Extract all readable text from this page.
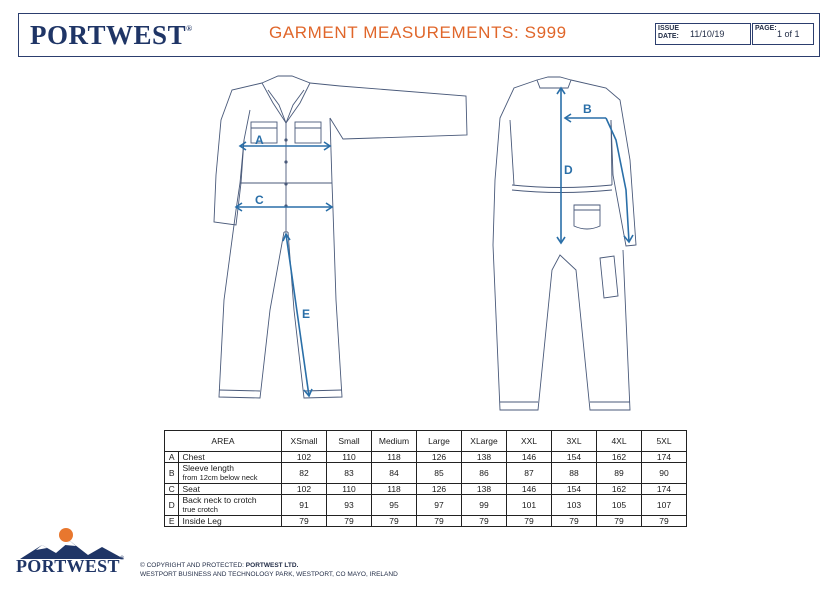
PORTWEST®	GARMENT MEASUREMENTS: S999	ISSUE
DATE: 11/10/19
PAGE:
1 of 1
A
B
C
D
E
AREA		XSmall	Small	Medium	Large	XLarge	XXL	3XL	4XL	5XL
A	Chest	102	110	118	126	138	146	154	162	174
B	Sleeve length
from 12cm below neck	82	83	84	85	86	87	88	89	90
C	Seat	102	110	118	126	138	146	154	162	174
D	Back neck to crotch
true crotch	91	93	95	97	99	101	103	105	107
E	Inside Leg	79	79	79	79	79	79	79	79	79
PORTWEST®
© COPYRIGHT AND PROTECTED: PORTWEST LTD.
WESTPORT BUSINESS AND TECHNOLOGY PARK, WESTPORT, CO MAYO, IRELAND
